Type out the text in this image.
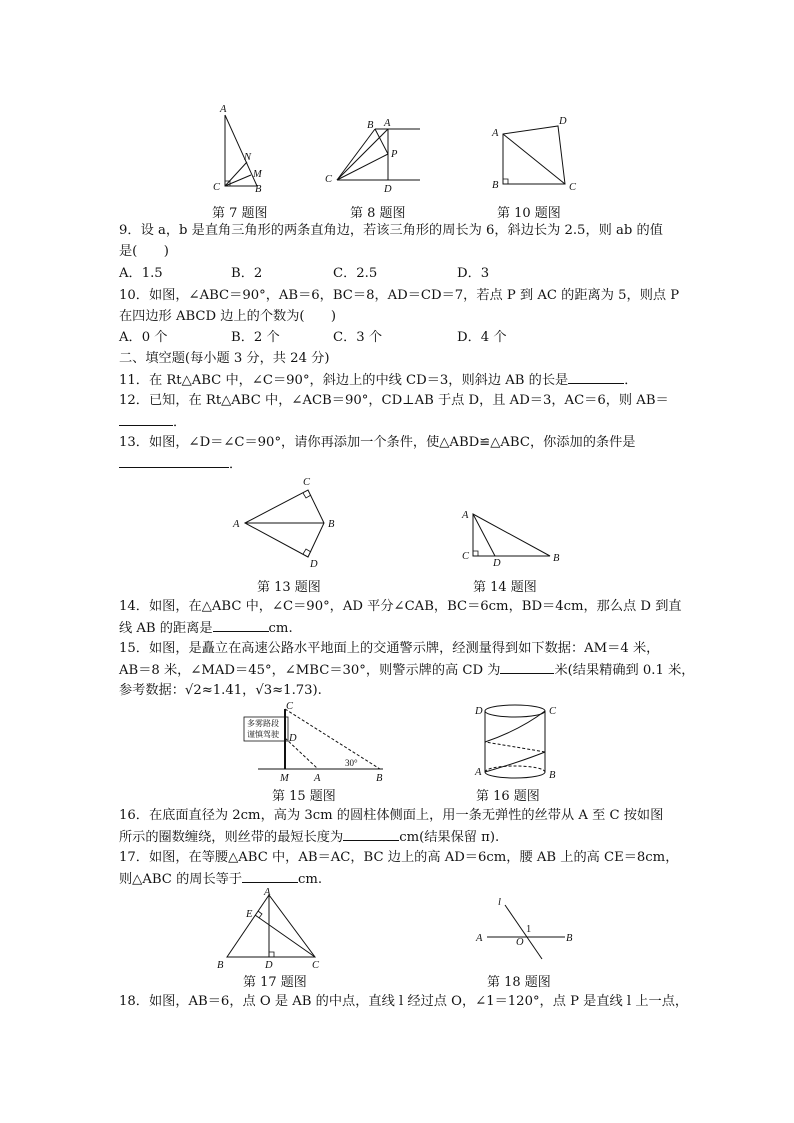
A
N
M
C	B
第 7 题图
B A
P
C
D
第 8 题图
A
D
B	C
第 10 题图
9．设 a，b 是直角三角形的两条直角边，若该三角形的周长为 6，斜边长为 2.5，则 ab 的值
是(　　)
A．1.5	B．2	C．2.5	D．3
10．如图，∠ABC＝90°，AB＝6，BC＝8，AD＝CD＝7，若点 P 到 AC 的距离为 5，则点 P
在四边形 ABCD 边上的个数为(　　)
A．0 个	B．2 个	C．3 个	D．4 个
二、填空题(每小题 3 分，共 24 分)
11．在 Rt△ABC 中，∠C＝90°，斜边上的中线 CD＝3，则斜边 AB 的长是	．
12．已知，在 Rt△ABC 中，∠ACB＝90°，CD⊥AB 于点 D，且 AD＝3，AC＝6，则 AB＝
．
13．如图，∠D＝∠C＝90°，请你再添加一个条件，使△ABD≌△ABC，你添加的条件是
．
C
A	B
D
第 13 题图
A
C
D	B
第 14 题图
14．如图，在△ABC 中，∠C＝90°，AD 平分∠CAB，BC＝6cm，BD＝4cm，那么点 D 到直
线 AB 的距离是	cm.
15．如图，是矗立在高速公路水平地面上的交通警示牌，经测量得到如下数据：AM＝4 米，
AB＝8 米，∠MAD＝45°，∠MBC＝30°，则警示牌的高 CD 为	米(结果精确到 0.1 米，
参考数据：√2≈1.41，√3≈1.73).
多雾路段
谨慎驾驶
C
D
30°
M A	B
第 15 题图
D	C
A	B
第 16 题图
16．在底面直径为 2cm，高为 3cm 的圆柱体侧面上，用一条无弹性的丝带从 A 至 C 按如图
所示的圈数缠绕，则丝带的最短长度为	cm(结果保留 π).
17．如图，在等腰△ABC 中，AB＝AC，BC 边上的高 AD＝6cm，腰 AB 上的高 CE＝8cm，
则△ABC 的周长等于	cm.
A
E
B	D	C
第 17 题图
l
1
A	O	B
第 18 题图
18．如图，AB＝6，点 O 是 AB 的中点，直线 l 经过点 O，∠1＝120°，点 P 是直线 l 上一点，
